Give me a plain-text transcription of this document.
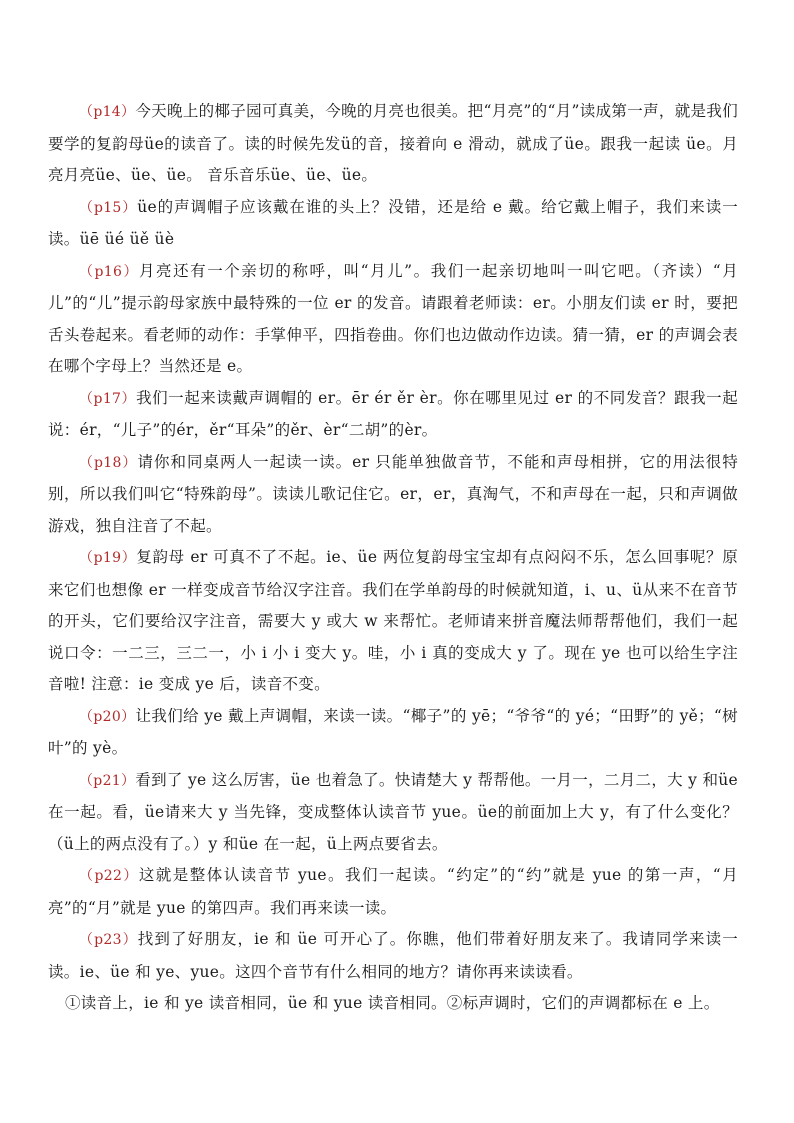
（p14）今天晚上的椰子园可真美，今晚的月亮也很美。把“月亮”的“月”读成第一声，就是我们要学的复韵母üe的读音了。读的时候先发ü的音，接着向 e 滑动，就成了üe。跟我一起读 üe。月亮月亮üe、üe、üe。 音乐音乐üe、üe、üe。

（p15）üe的声调帽子应该戴在谁的头上？没错，还是给 e 戴。给它戴上帽子，我们来读一读。üē üé üě üè

（p16）月亮还有一个亲切的称呼，叫“月儿”。我们一起亲切地叫一叫它吧。（齐读）“月儿”的“儿”提示韵母家族中最特殊的一位 er 的发音。请跟着老师读：er。小朋友们读 er 时，要把舌头卷起来。看老师的动作：手掌伸平，四指卷曲。你们也边做动作边读。猜一猜，er 的声调会表在哪个字母上？当然还是 e。

（p17）我们一起来读戴声调帽的 er。ēr ér ěr èr。你在哪里见过 er 的不同发音？跟我一起说：ér，“儿子”的ér，ěr“耳朵”的ěr、èr“二胡”的èr。

（p18）请你和同桌两人一起读一读。er 只能单独做音节，不能和声母相拼，它的用法很特别，所以我们叫它“特殊韵母”。读读儿歌记住它。er，er，真淘气，不和声母在一起，只和声调做游戏，独自注音了不起。

（p19）复韵母 er 可真不了不起。ie、üe 两位复韵母宝宝却有点闷闷不乐，怎么回事呢？原来它们也想像 er 一样变成音节给汉字注音。我们在学单韵母的时候就知道，i、u、ü从来不在音节的开头，它们要给汉字注音，需要大 y 或大 w 来帮忙。老师请来拼音魔法师帮帮他们，我们一起说口令：一二三，三二一，小 i 小 i 变大 y。哇，小 i 真的变成大 y 了。现在 ye 也可以给生字注音啦! 注意：ie 变成 ye 后，读音不变。

（p20）让我们给 ye 戴上声调帽，来读一读。“椰子”的 yē；“爷爷“的 yé；“田野”的 yě；“树叶”的 yè。

（p21）看到了 ye 这么厉害，üe 也着急了。快请楚大 y 帮帮他。一月一，二月二，大 y 和üe 在一起。看，üe请来大 y 当先锋，变成整体认读音节 yue。üe的前面加上大 y，有了什么变化？（ü上的两点没有了。）y 和üe 在一起，ü上两点要省去。

（p22）这就是整体认读音节 yue。我们一起读。“约定”的“约”就是 yue 的第一声，“月亮”的“月”就是 yue 的第四声。我们再来读一读。

（p23）找到了好朋友，ie 和 üe 可开心了。你瞧，他们带着好朋友来了。我请同学来读一读。ie、üe 和 ye、yue。这四个音节有什么相同的地方？请你再来读读看。

①读音上，ie 和 ye 读音相同，üe 和 yue 读音相同。②标声调时，它们的声调都标在 e 上。
